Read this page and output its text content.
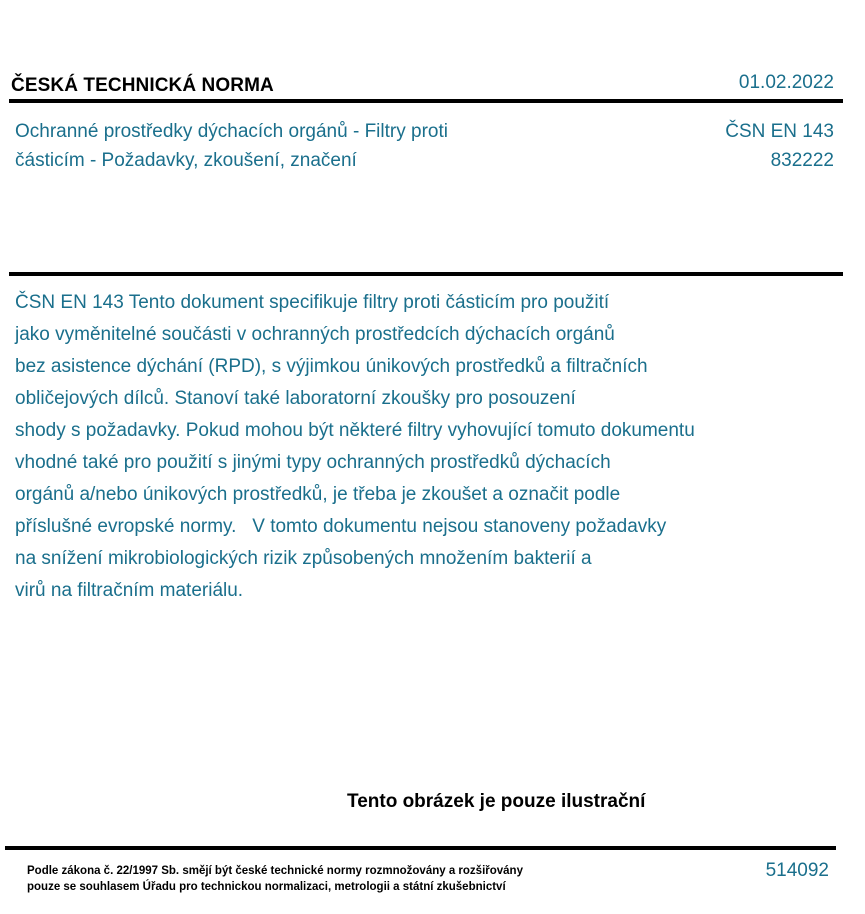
ČESKÁ TECHNICKÁ NORMA	01.02.2022
Ochranné prostředky dýchacích orgánů - Filtry proti
částicím - Požadavky, zkoušení, značení
ČSN EN 143
832222
ČSN EN 143 Tento dokument specifikuje filtry proti částicím pro použití
jako vyměnitelné součásti v ochranných prostředcích dýchacích orgánů
bez asistence dýchání (RPD), s výjimkou únikových prostředků a filtračních
obličejových dílců. Stanoví také laboratorní zkoušky pro posouzení
shody s požadavky. Pokud mohou být některé filtry vyhovující tomuto dokumentu
vhodné také pro použití s jinými typy ochranných prostředků dýchacích
orgánů a/nebo únikových prostředků, je třeba je zkoušet a označit podle
příslušné evropské normy.   V tomto dokumentu nejsou stanoveny požadavky
na snížení mikrobiologických rizik způsobených množením bakterií a
virů na filtračním materiálu.
Tento obrázek je pouze ilustrační
Podle zákona č. 22/1997 Sb. smějí být české technické normy rozmnožovány a rozšiřovány
pouze se souhlasem Úřadu pro technickou normalizaci, metrologii a státní zkušebnictví
514092
